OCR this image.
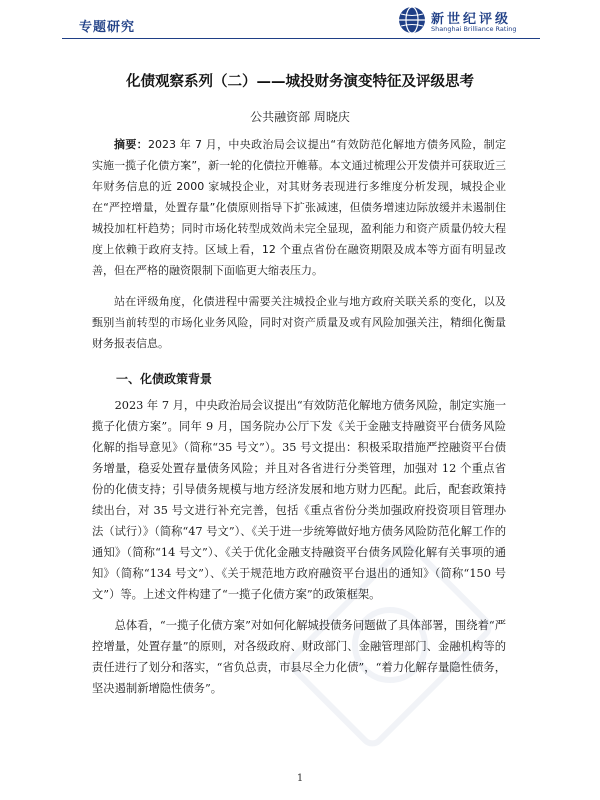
专题研究
新世纪评级
Shanghai Brilliance Rating
化债观察系列（二）——城投财务演变特征及评级思考
公共融资部 周晓庆

摘要：2023 年 7 月，中央政治局会议提出“有效防范化解地方债务风险，制定实施一揽子化债方案”，新一轮的化债拉开帷幕。本文通过梳理公开发债并可获取近三年财务信息的近 2000 家城投企业，对其财务表现进行多维度分析发现，城投企业在“严控增量，处置存量”化债原则指导下扩张减速，但债务增速边际放缓并未遏制住城投加杠杆趋势；同时市场化转型成效尚未完全显现，盈利能力和资产质量仍较大程度上依赖于政府支持。区域上看，12 个重点省份在融资期限及成本等方面有明显改善，但在严格的融资限制下面临更大缩表压力。

站在评级角度，化债进程中需要关注城投企业与地方政府关联关系的变化，以及甄别当前转型的市场化业务风险，同时对资产质量及或有风险加强关注，精细化衡量财务报表信息。

一、化债政策背景

2023 年 7 月，中央政治局会议提出“有效防范化解地方债务风险，制定实施一揽子化债方案”。同年 9 月，国务院办公厅下发《关于金融支持融资平台债务风险化解的指导意见》（简称“35 号文”）。35 号文提出：积极采取措施严控融资平台债务增量，稳妥处置存量债务风险；并且对各省进行分类管理，加强对 12 个重点省份的化债支持；引导债务规模与地方经济发展和地方财力匹配。此后，配套政策持续出台，对 35 号文进行补充完善，包括《重点省份分类加强政府投资项目管理办法（试行）》（简称“47 号文”）、《关于进一步统筹做好地方债务风险防范化解工作的通知》（简称“14 号文”）、《关于优化金融支持融资平台债务风险化解有关事项的通知》（简称“134 号文”）、《关于规范地方政府融资平台退出的通知》（简称“150 号文”）等。上述文件构建了“一揽子化债方案”的政策框架。

总体看，“一揽子化债方案”对如何化解城投债务问题做了具体部署，围绕着“严控增量，处置存量”的原则，对各级政府、财政部门、金融管理部门、金融机构等的责任进行了划分和落实，“省负总责，市县尽全力化债”，“着力化解存量隐性债务，坚决遏制新增隐性债务”。

1
